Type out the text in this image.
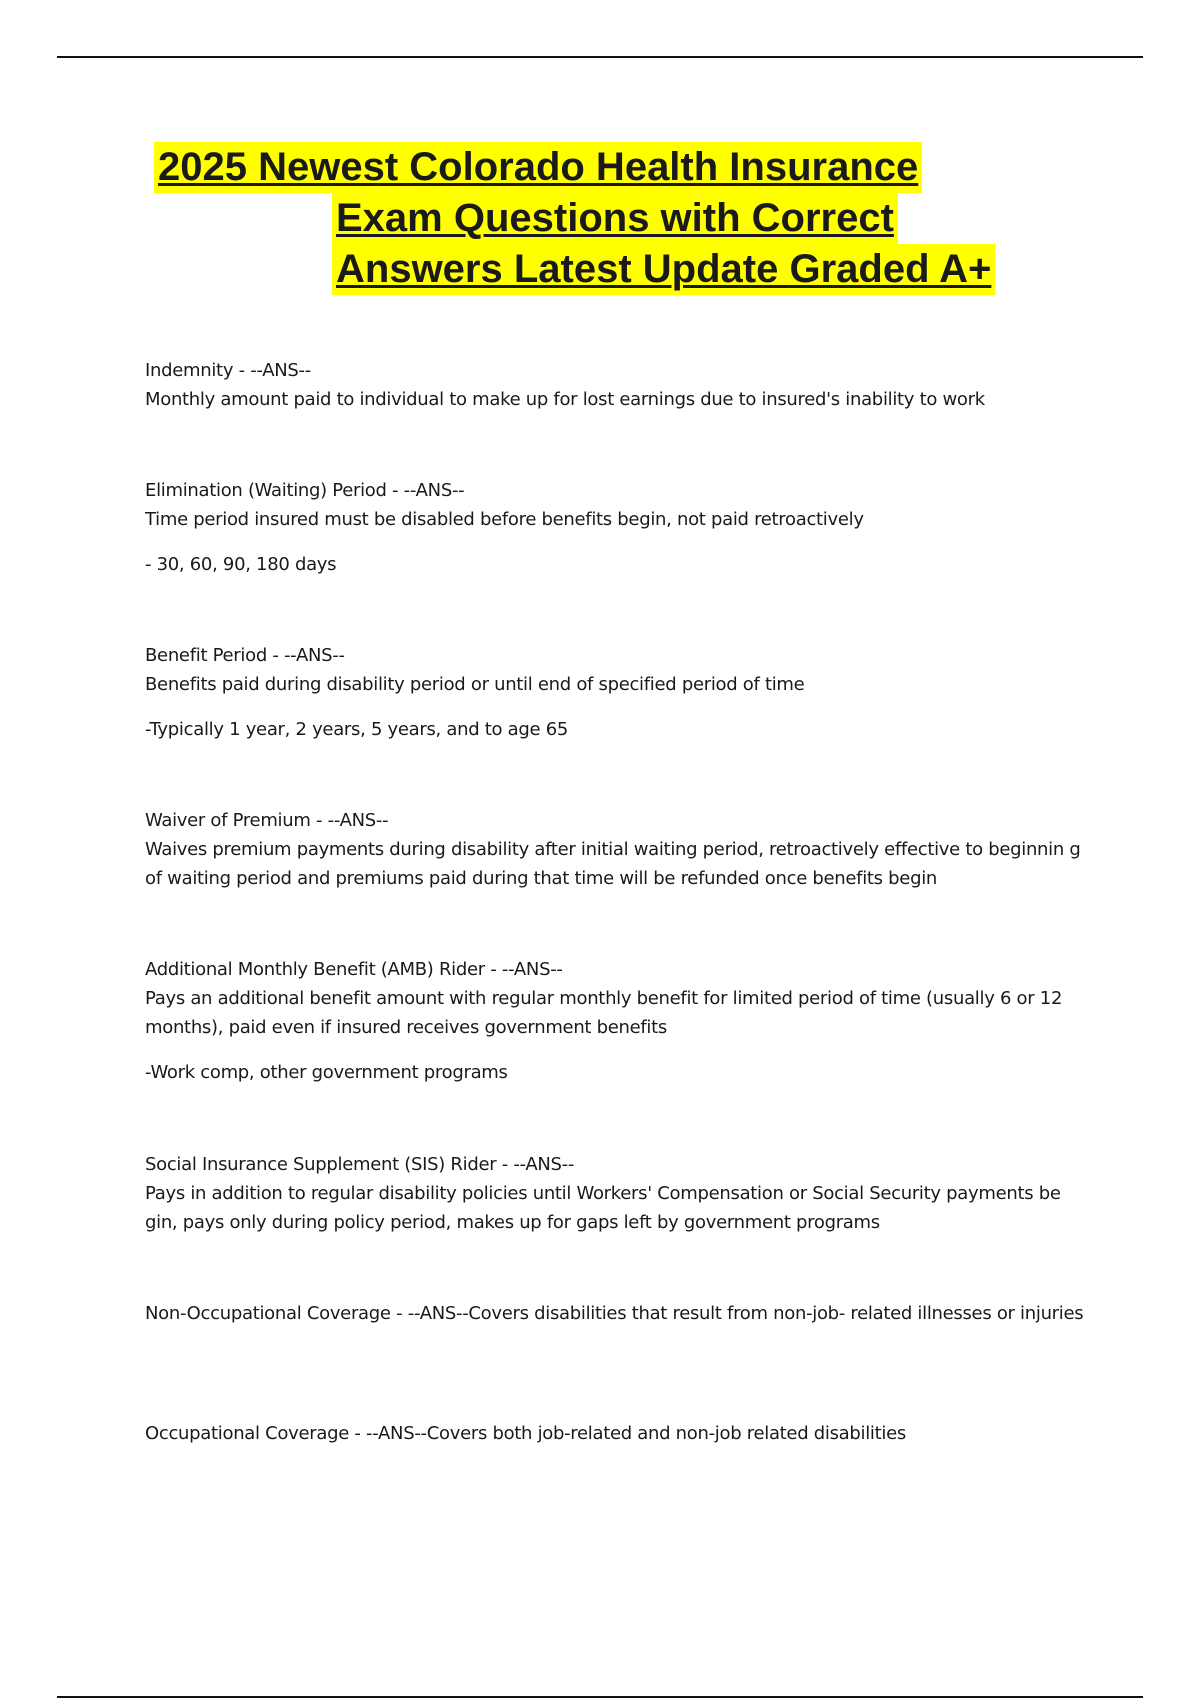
2025 Newest Colorado Health Insurance
Exam Questions with Correct
Answers Latest Update Graded A+
Indemnity - --ANS--
Monthly amount paid to individual to make up for lost earnings due to insured's inability to work
Elimination (Waiting) Period - --ANS--
Time period insured must be disabled before benefits begin, not paid retroactively
- 30, 60, 90, 180 days
Benefit Period - --ANS--
Benefits paid during disability period or until end of specified period of time
-Typically 1 year, 2 years, 5 years, and to age 65
Waiver of Premium - --ANS--
Waives premium payments during disability after initial waiting period, retroactively effective to beginnin g of waiting period and premiums paid during that time will be refunded once benefits begin
Additional Monthly Benefit (AMB) Rider - --ANS--
Pays an additional benefit amount with regular monthly benefit for limited period of time (usually 6 or 12 months), paid even if insured receives government benefits
-Work comp, other government programs
Social Insurance Supplement (SIS) Rider - --ANS--
Pays in addition to regular disability policies until Workers' Compensation or Social Security payments be gin, pays only during policy period, makes up for gaps left by government programs
Non-Occupational Coverage - --ANS--Covers disabilities that result from non-job- related illnesses or injuries
Occupational Coverage - --ANS--Covers both job-related and non-job related disabilities
